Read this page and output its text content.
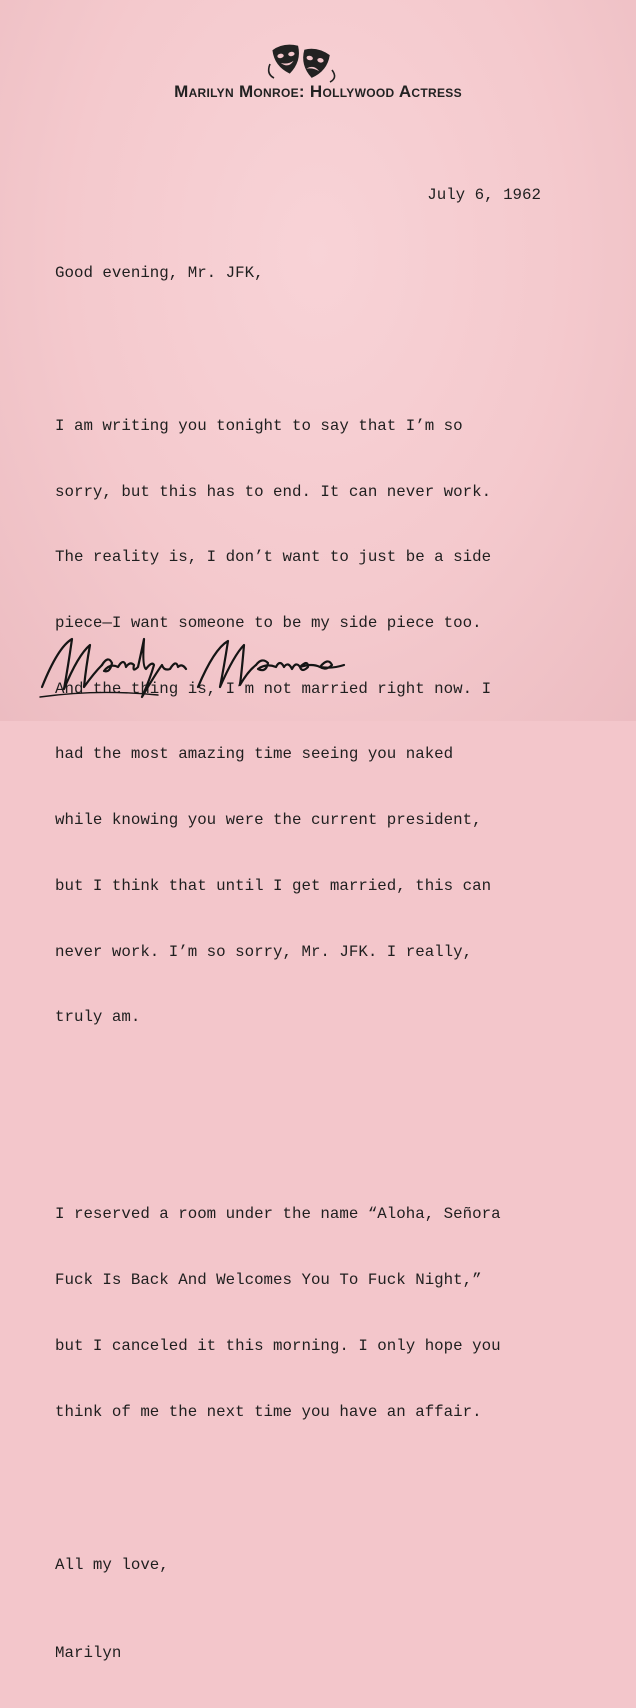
Marilyn Monroe: Hollywood Actress

July 6, 1962

Good evening, Mr. JFK,

I am writing you tonight to say that I’m so

sorry, but this has to end. It can never work.

The reality is, I don’t want to just be a side

piece—I want someone to be my side piece too.

And the thing is, I’m not married right now. I

had the most amazing time seeing you naked

while knowing you were the current president,

but I think that until I get married, this can

never work. I’m so sorry, Mr. JFK. I really,

truly am.

I reserved a room under the name “Aloha, Señora

Fuck Is Back And Welcomes You To Fuck Night,”

but I canceled it this morning. I only hope you

think of me the next time you have an affair.

All my love,

Marilyn
